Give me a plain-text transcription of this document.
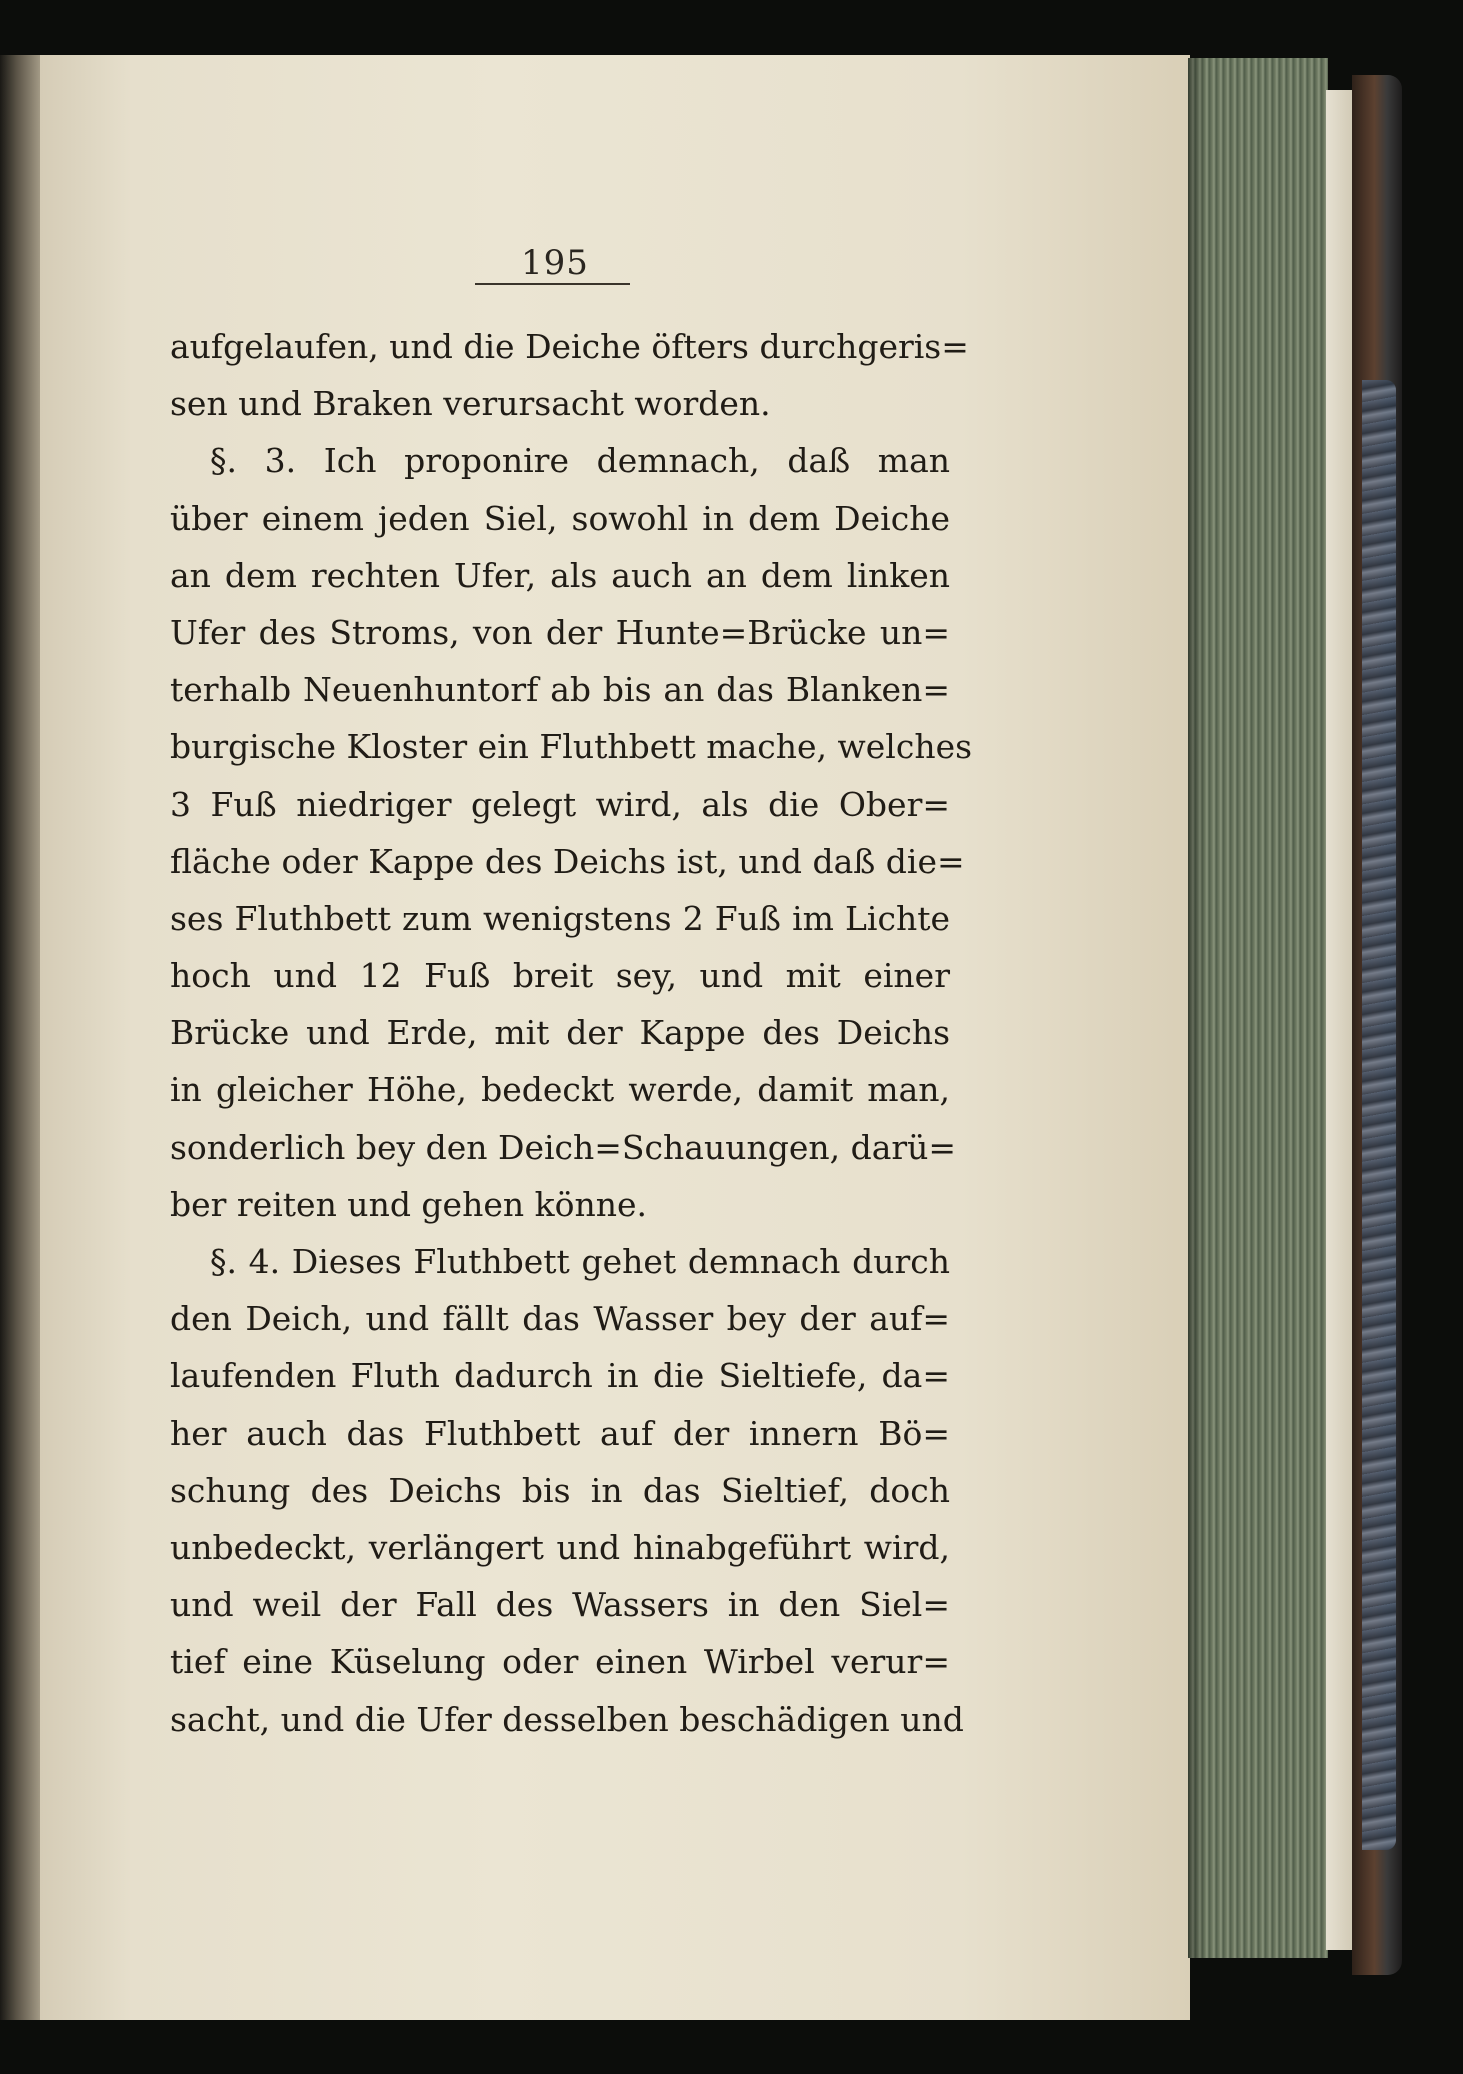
195
aufgelaufen, und die Deiche öfters durchgeris=
sen und Braken verursacht worden.
§. 3. Ich proponire demnach, daß man
über einem jeden Siel, sowohl in dem Deiche
an dem rechten Ufer, als auch an dem linken
Ufer des Stroms, von der Hunte=Brücke un=
terhalb Neuenhuntorf ab bis an das Blanken=
burgische Kloster ein Fluthbett mache, welches
3 Fuß niedriger gelegt wird, als die Ober=
fläche oder Kappe des Deichs ist, und daß die=
ses Fluthbett zum wenigstens 2 Fuß im Lichte
hoch und 12 Fuß breit sey, und mit einer
Brücke und Erde, mit der Kappe des Deichs
in gleicher Höhe, bedeckt werde, damit man,
sonderlich bey den Deich=Schauungen, darü=
ber reiten und gehen könne.
§. 4. Dieses Fluthbett gehet demnach durch
den Deich, und fällt das Wasser bey der auf=
laufenden Fluth dadurch in die Sieltiefe, da=
her auch das Fluthbett auf der innern Bö=
schung des Deichs bis in das Sieltief, doch
unbedeckt, verlängert und hinabgeführt wird,
und weil der Fall des Wassers in den Siel=
tief eine Küselung oder einen Wirbel verur=
sacht, und die Ufer desselben beschädigen und
